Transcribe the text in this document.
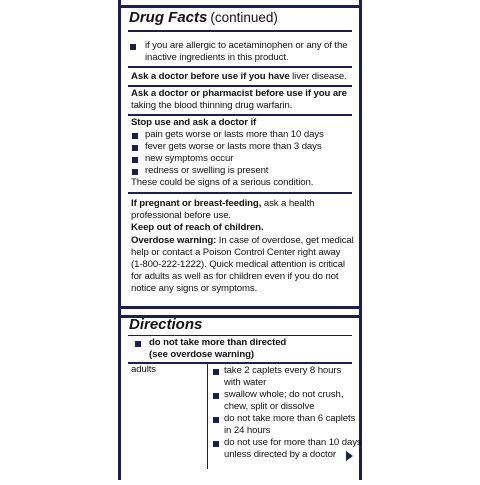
Drug Facts (continued)
if you are allergic to acetaminophen or any of the
inactive ingredients in this product.
Ask a doctor before use if you have liver disease.
Ask a doctor or pharmacist before use if you are
taking the blood thinning drug warfarin.
Stop use and ask a doctor if
pain gets worse or lasts more than 10 days
fever gets worse or lasts more than 3 days
new symptoms occur
redness or swelling is present
These could be signs of a serious condition.
If pregnant or breast-feeding, ask a health
professional before use.
Keep out of reach of children.
Overdose warning: In case of overdose, get medical
help or contact a Poison Control Center right away
(1-800-222-1222). Quick medical attention is critical
for adults as well as for children even if you do not
notice any signs or symptoms.
Directions
do not take more than directed
(see overdose warning)
adults	take 2 caplets every 8 hours
with water
swallow whole; do not crush,
chew, split or dissolve
do not take more than 6 caplets
in 24 hours
do not use for more than 10 days
unless directed by a doctor
